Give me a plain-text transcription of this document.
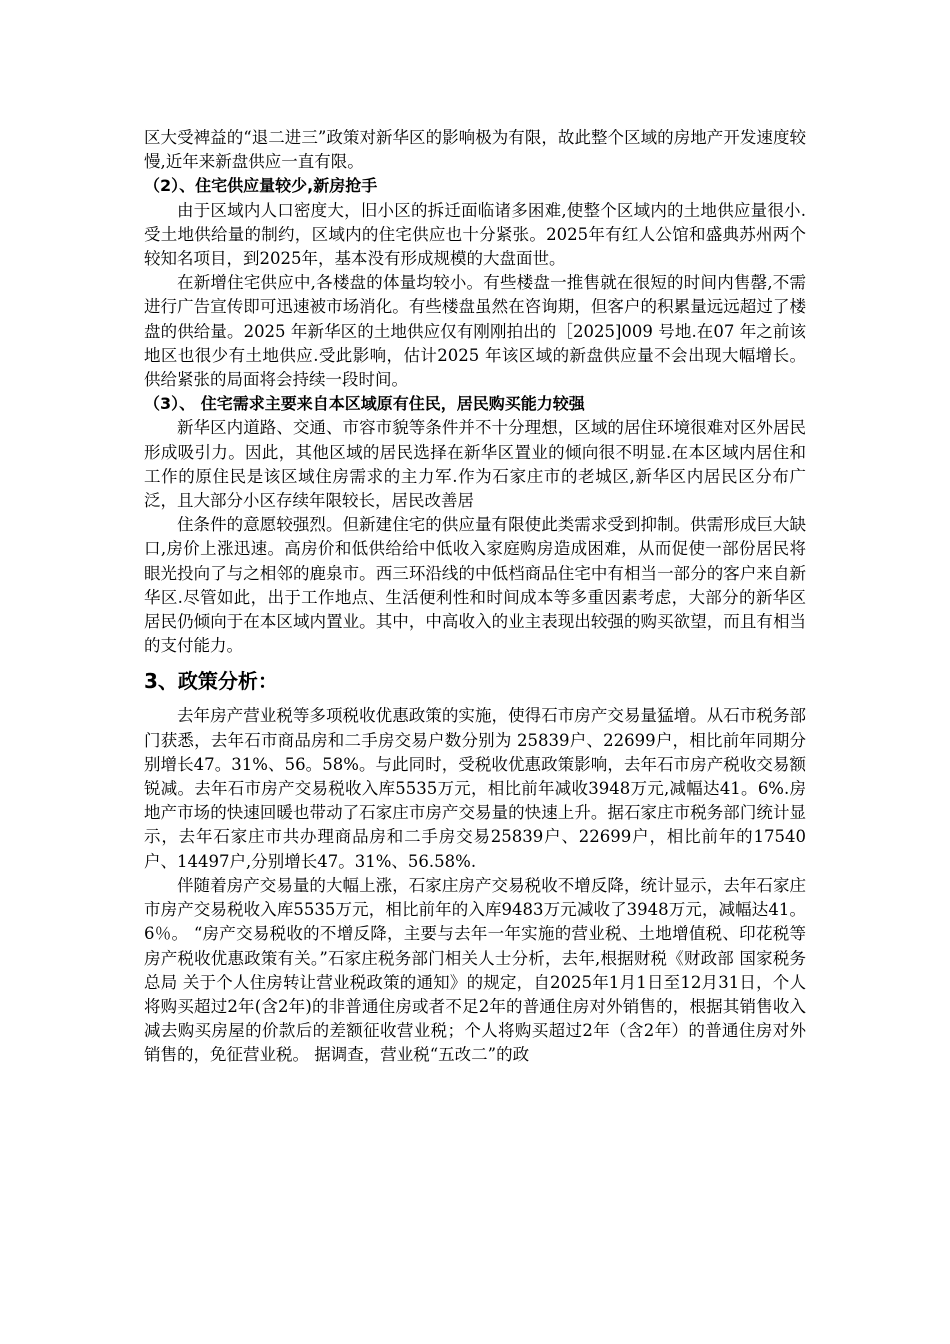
区大受裨益的“退二进三”政策对新华区的影响极为有限，故此整个区域的房地产开发速度较慢,近年来新盘供应一直有限。

（2）、住宅供应量较少,新房抢手

由于区域内人口密度大，旧小区的拆迁面临诸多困难,使整个区域内的土地供应量很小.受土地供给量的制约，区域内的住宅供应也十分紧张。2025年有红人公馆和盛典苏州两个较知名项目，到2025年，基本没有形成规模的大盘面世。

在新增住宅供应中,各楼盘的体量均较小。有些楼盘一推售就在很短的时间内售罄,不需进行广告宣传即可迅速被市场消化。有些楼盘虽然在咨询期，但客户的积累量远远超过了楼盘的供给量。2025 年新华区的土地供应仅有刚刚拍出的［2025]009 号地.在07 年之前该地区也很少有土地供应.受此影响，估计2025 年该区域的新盘供应量不会出现大幅增长。供给紧张的局面将会持续一段时间。

（3）、 住宅需求主要来自本区域原有住民，居民购买能力较强

新华区内道路、交通、市容市貌等条件并不十分理想，区域的居住环境很难对区外居民形成吸引力。因此，其他区域的居民选择在新华区置业的倾向很不明显.在本区域内居住和工作的原住民是该区域住房需求的主力军.作为石家庄市的老城区,新华区内居民区分布广泛，且大部分小区存续年限较长，居民改善居

住条件的意愿较强烈。但新建住宅的供应量有限使此类需求受到抑制。供需形成巨大缺口,房价上涨迅速。高房价和低供给给中低收入家庭购房造成困难，从而促使一部份居民将眼光投向了与之相邻的鹿泉市。西三环沿线的中低档商品住宅中有相当一部分的客户来自新华区.尽管如此，出于工作地点、生活便利性和时间成本等多重因素考虑，大部分的新华区居民仍倾向于在本区域内置业。其中，中高收入的业主表现出较强的购买欲望，而且有相当的支付能力。

3、政策分析：

去年房产营业税等多项税收优惠政策的实施，使得石市房产交易量猛增。从石市税务部门获悉，去年石市商品房和二手房交易户数分别为 25839户、22699户，相比前年同期分别增长47。31%、56。58%。与此同时，受税收优惠政策影响，去年石市房产税收交易额锐减。去年石市房产交易税收入库5535万元，相比前年减收3948万元,减幅达41。6%.房地产市场的快速回暖也带动了石家庄市房产交易量的快速上升。据石家庄市税务部门统计显示，去年石家庄市共办理商品房和二手房交易25839户、22699户，相比前年的17540户、14497户,分别增长47。31%、56.58%.

伴随着房产交易量的大幅上涨，石家庄房产交易税收不增反降，统计显示，去年石家庄市房产交易税收入库5535万元，相比前年的入库9483万元减收了3948万元，减幅达41。6％。 “房产交易税收的不增反降，主要与去年一年实施的营业税、土地增值税、印花税等房产税收优惠政策有关。”石家庄税务部门相关人士分析，去年,根据财税《财政部 国家税务总局 关于个人住房转让营业税政策的通知》的规定，自2025年1月1日至12月31日，个人将购买超过2年(含2年)的非普通住房或者不足2年的普通住房对外销售的，根据其销售收入减去购买房屋的价款后的差额征收营业税；个人将购买超过2年（含2年）的普通住房对外销售的，免征营业税。 据调查，营业税“五改二”的政
